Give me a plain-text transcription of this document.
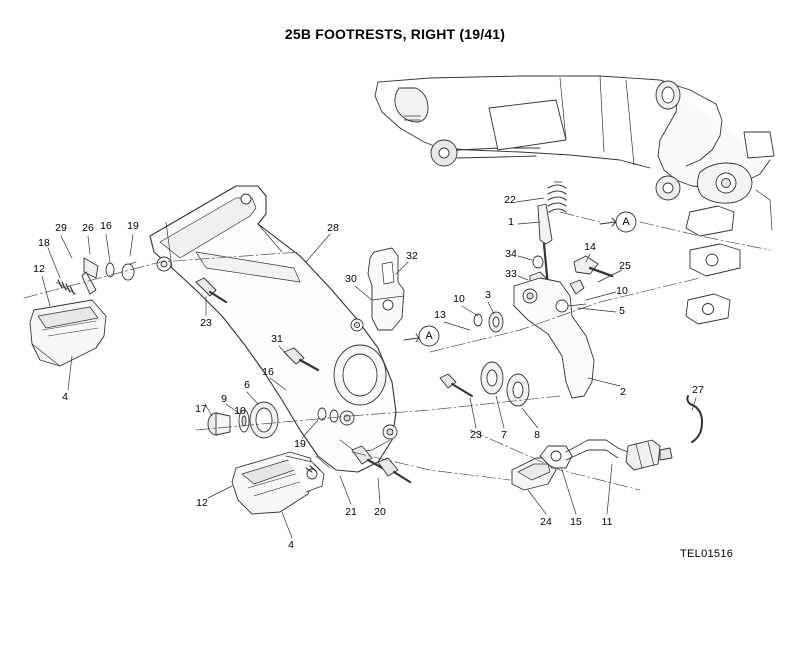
25B FOOTRESTS, RIGHT (19/41)
A
A
29 26 16 19
18
12
4
23
28
30
32
31
16
17
9
10
6
19
12
21 20
4
22
1
34
33
14
25
10
5
3
10
13
2
23 7	8
27
24 15 11
TEL01516
